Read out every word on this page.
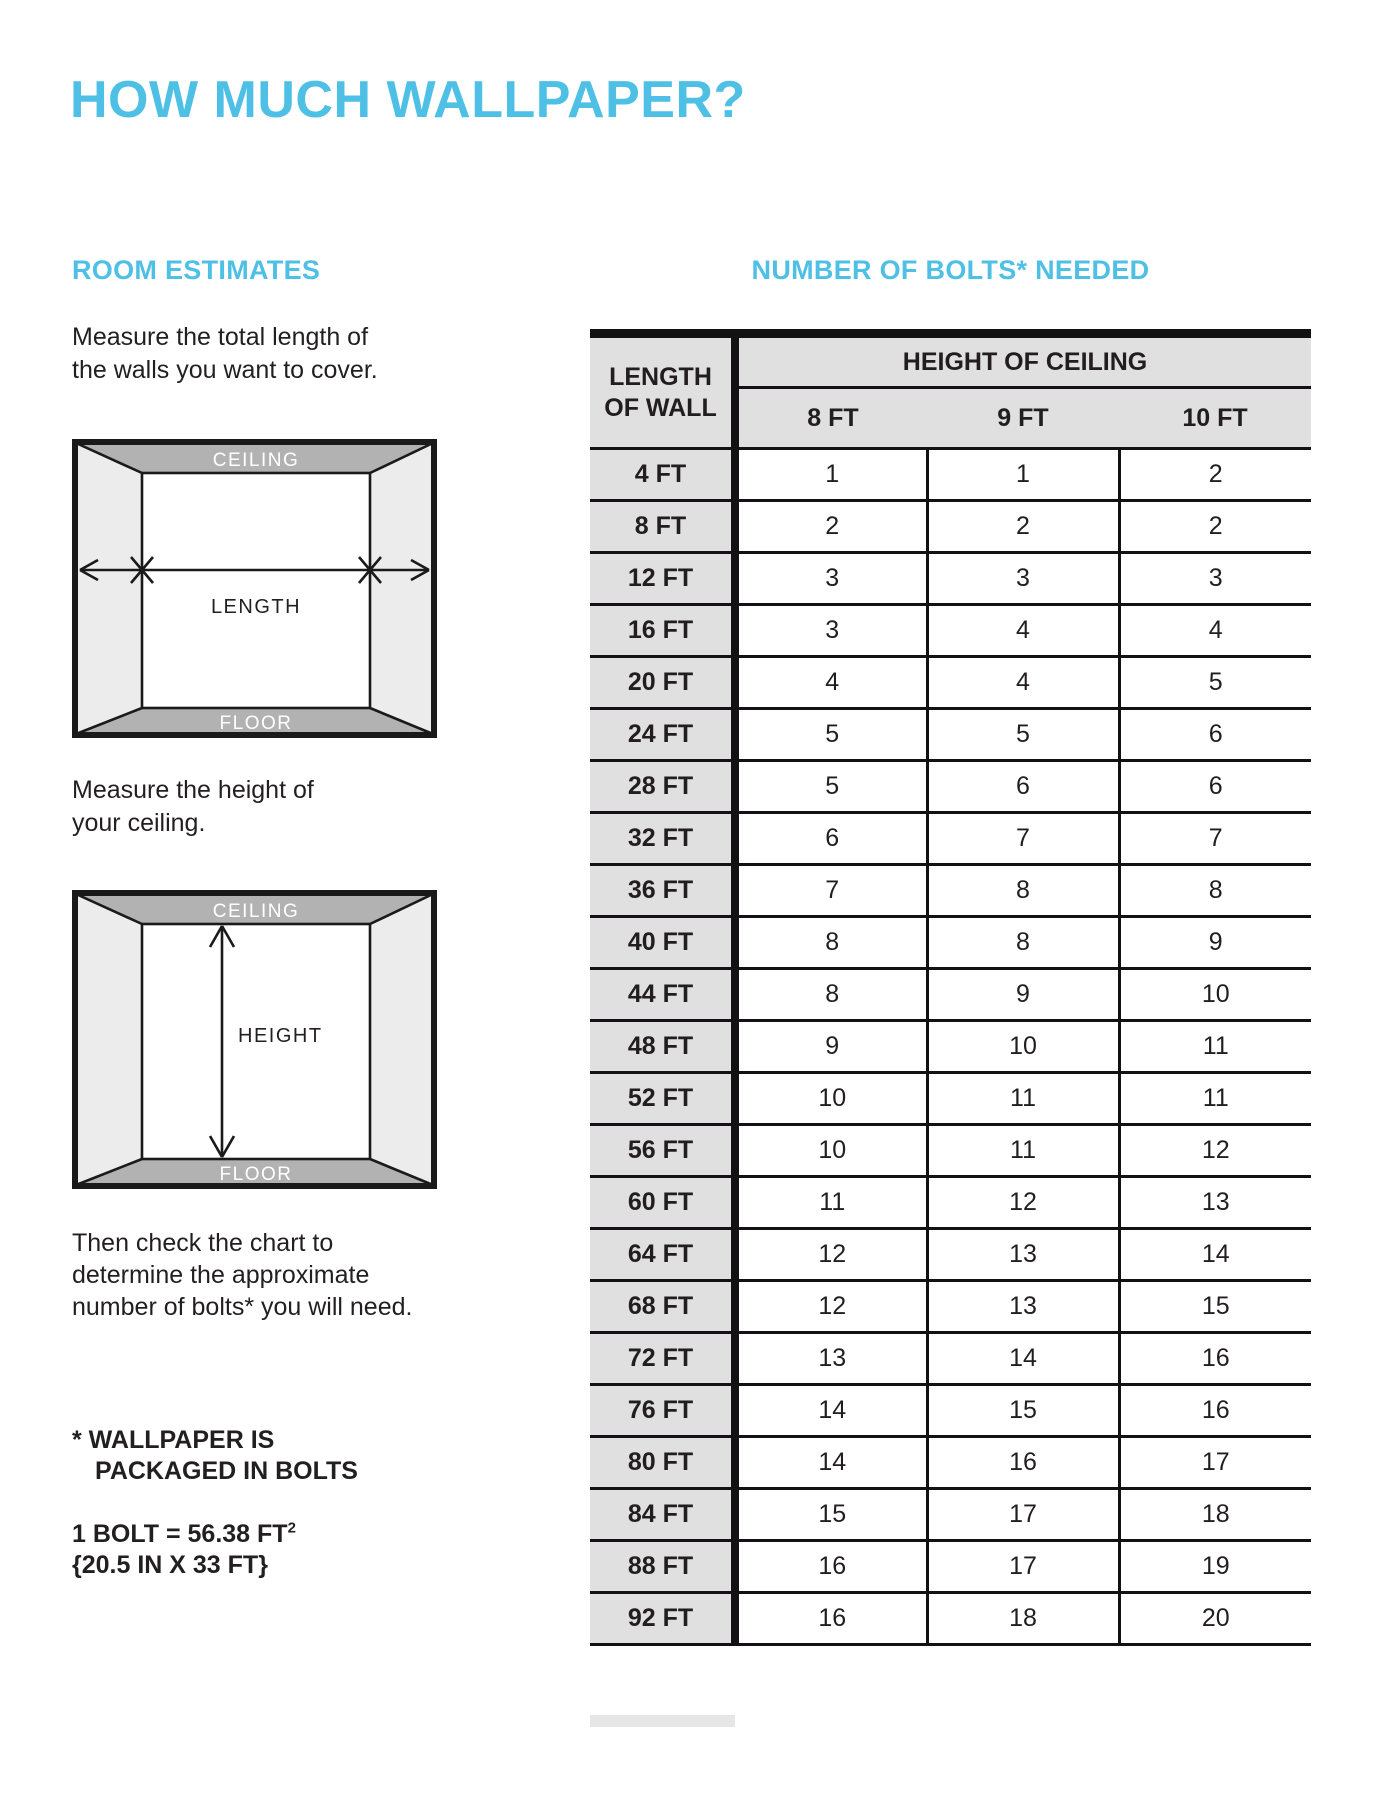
HOW MUCH WALLPAPER?
ROOM ESTIMATES
Measure the total length of
the walls you want to cover.
CEILING
FLOOR
LENGTH
Measure the height of
your ceiling.
CEILING
FLOOR
HEIGHT
Then check the chart to
determine the approximate
number of bolts* you will need.
* WALLPAPER IS
PACKAGED IN BOLTS
1 BOLT = 56.38 $FT^2$
{20.5 IN X 33 FT}
NUMBER OF BOLTS* NEEDED
LENGTH
OF WALL	HEIGHT OF CEILING		
	8 FT	9 FT	10 FT
4 FT	1	1	2
8 FT	2	2	2
12 FT	3	3	3
16 FT	3	4	4
20 FT	4	4	5
24 FT	5	5	6
28 FT	5	6	6
32 FT	6	7	7
36 FT	7	8	8
40 FT	8	8	9
44 FT	8	9	10
48 FT	9	10	11
52 FT	10	11	11
56 FT	10	11	12
60 FT	11	12	13
64 FT	12	13	14
68 FT	12	13	15
72 FT	13	14	16
76 FT	14	15	16
80 FT	14	16	17
84 FT	15	17	18
88 FT	16	17	19
92 FT	16	18	20
